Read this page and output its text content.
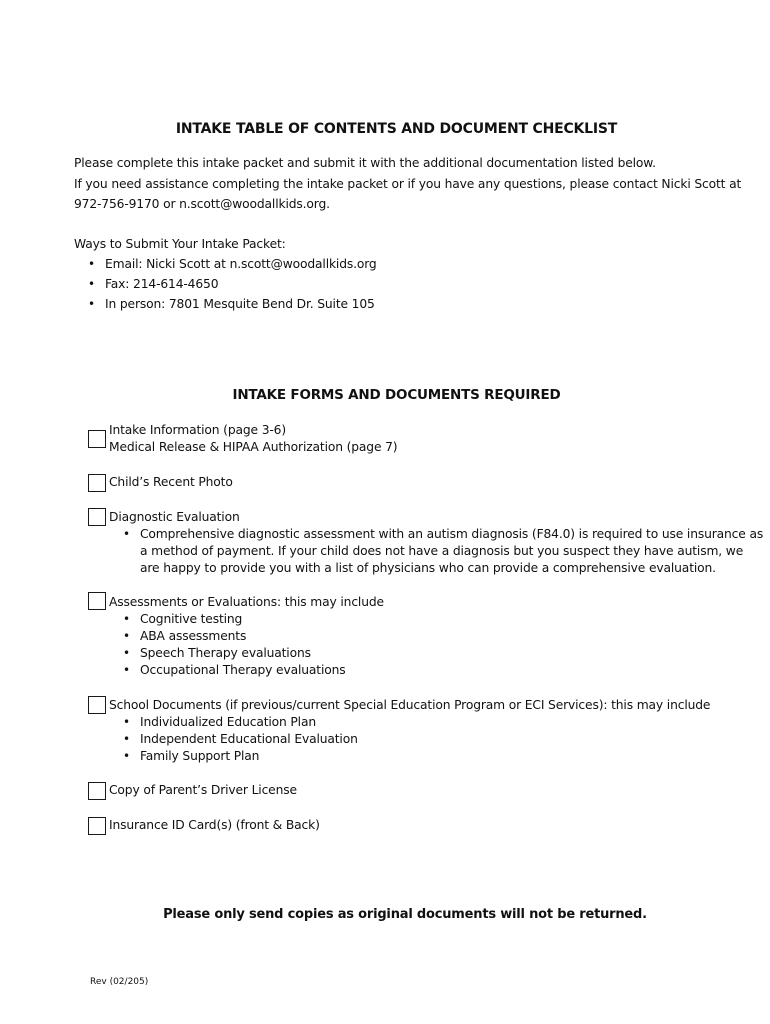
INTAKE TABLE OF CONTENTS AND DOCUMENT CHECKLIST
Please complete this intake packet and submit it with the additional documentation listed below.
If you need assistance completing the intake packet or if you have any questions, please contact Nicki Scott at
972-756-9170 or n.scott@woodallkids.org.
Ways to Submit Your Intake Packet:
• Email: Nicki Scott at n.scott@woodallkids.org
• Fax: 214-614-4650
• In person: 7801 Mesquite Bend Dr. Suite 105
INTAKE FORMS AND DOCUMENTS REQUIRED
Intake Information (page 3-6)
Medical Release & HIPAA Authorization (page 7)
Child’s Recent Photo
Diagnostic Evaluation
• Comprehensive diagnostic assessment with an autism diagnosis (F84.0) is required to use insurance as
a method of payment. If your child does not have a diagnosis but you suspect they have autism, we
are happy to provide you with a list of physicians who can provide a comprehensive evaluation.
Assessments or Evaluations: this may include
• Cognitive testing
• ABA assessments
• Speech Therapy evaluations
• Occupational Therapy evaluations
School Documents (if previous/current Special Education Program or ECI Services): this may include
• Individualized Education Plan
• Independent Educational Evaluation
• Family Support Plan
Copy of Parent’s Driver License
Insurance ID Card(s) (front & Back)
Please only send copies as original documents will not be returned.
Rev (02/205)
